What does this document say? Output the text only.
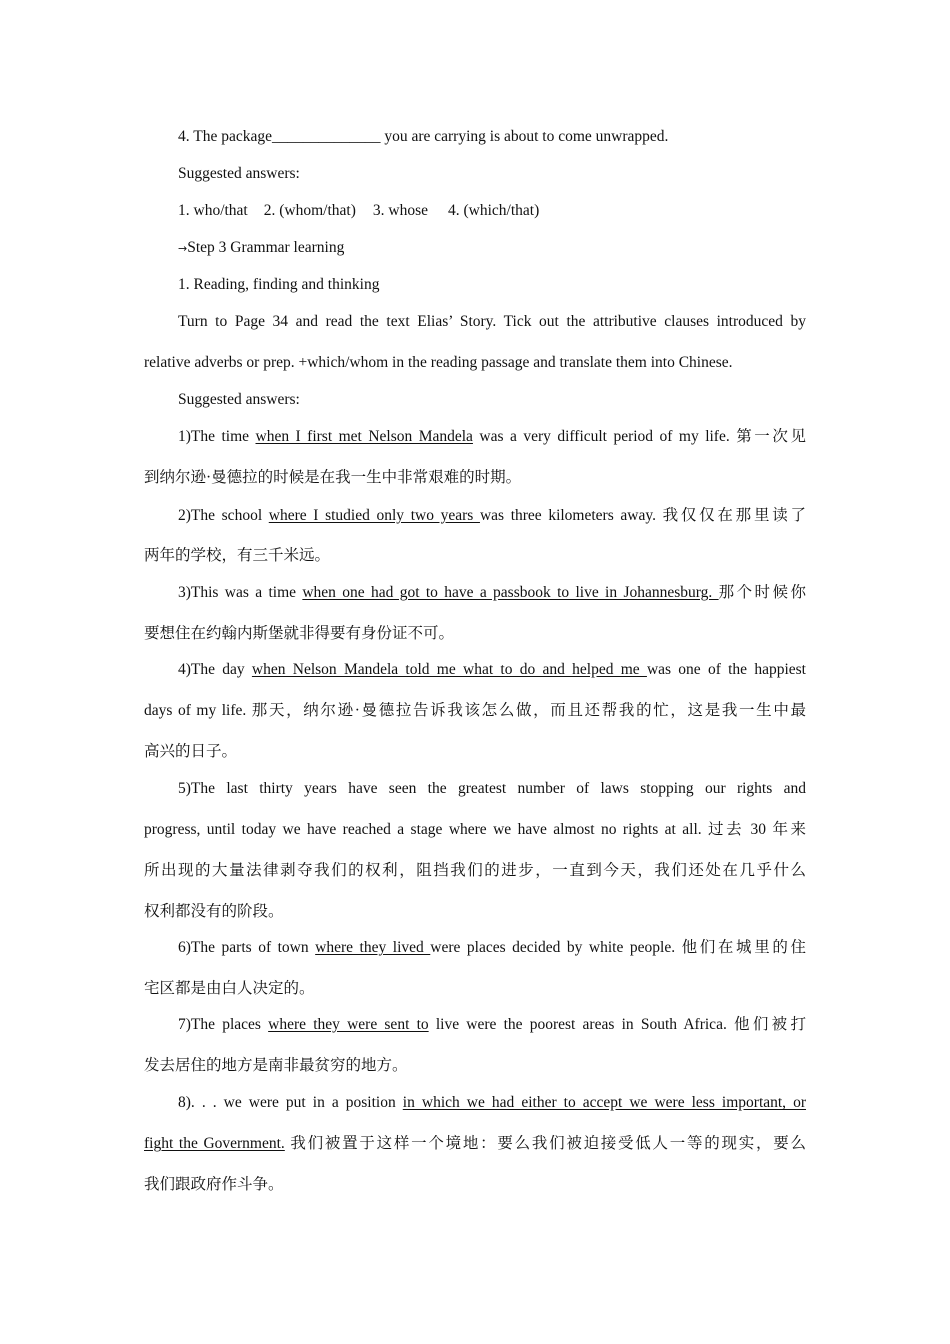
4. The package______________ you are carrying is about to come unwrapped.
Suggested answers:
1. who/that 2. (whom/that) 3. whose 4. (which/that)
→Step 3 Grammar learning
1. Reading, finding and thinking
Turn to Page 34 and read the text Elias’ Story. Tick out the attributive clauses introduced by
relative adverbs or prep. +which/whom in the reading passage and translate them into Chinese.
Suggested answers:
1)The time when I first met Nelson Mandela was a very difficult period of my life. 第一次见
到纳尔逊·曼德拉的时候是在我一生中非常艰难的时期。
2)The school where I studied only two years was three kilometers away. 我仅仅在那里读了
两年的学校，有三千米远。
3)This was a time when one had got to have a passbook to live in Johannesburg. 那个时候你
要想住在约翰内斯堡就非得要有身份证不可。
4)The day when Nelson Mandela told me what to do and helped me was one of the happiest
days of my life. 那天，纳尔逊·曼德拉告诉我该怎么做，而且还帮我的忙，这是我一生中最
高兴的日子。
5)The last thirty years have seen the greatest number of laws stopping our rights and
progress, until today we have reached a stage where we have almost no rights at all. 过去 30 年来
所出现的大量法律剥夺我们的权利，阻挡我们的进步，一直到今天，我们还处在几乎什么
权利都没有的阶段。
6)The parts of town where they lived were places decided by white people. 他们在城里的住
宅区都是由白人决定的。
7)The places where they were sent to live were the poorest areas in South Africa. 他们被打
发去居住的地方是南非最贫穷的地方。
8). . . we were put in a position in which we had either to accept we were less important, or
fight the Government. 我们被置于这样一个境地：要么我们被迫接受低人一等的现实，要么
我们跟政府作斗争。
